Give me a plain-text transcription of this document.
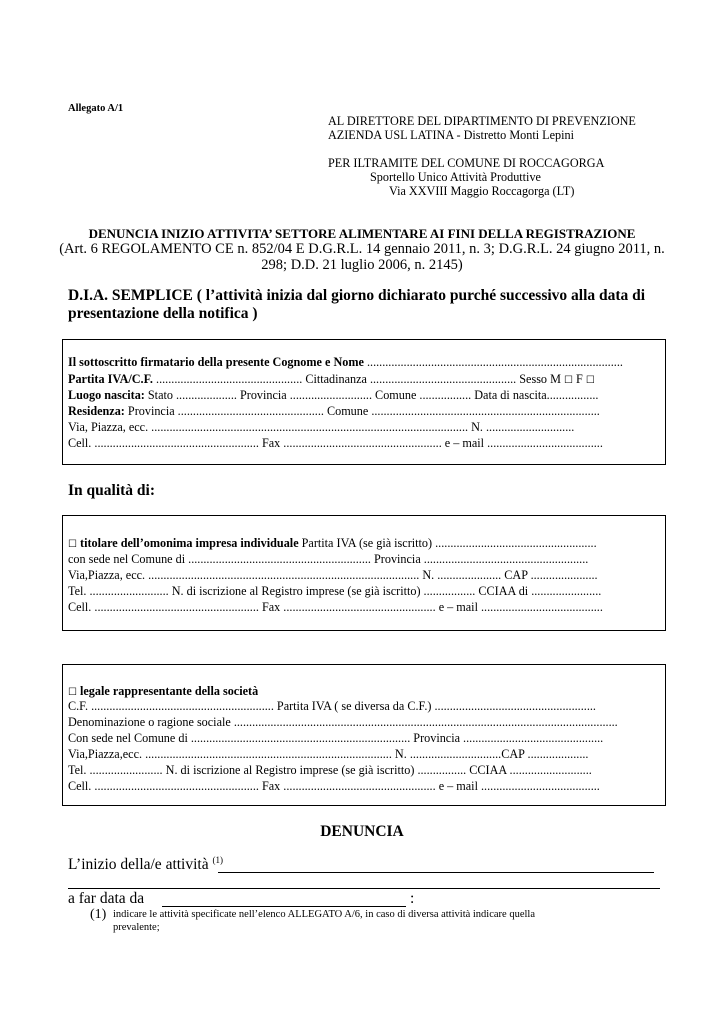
Allegato A/1
AL DIRETTORE DEL DIPARTIMENTO DI PREVENZIONE
AZIENDA USL LATINA - Distretto Monti Lepini
PER ILTRAMITE DEL COMUNE DI ROCCAGORGA
Sportello Unico Attività Produttive
Via XXVIII Maggio Roccagorga (LT)
DENUNCIA INIZIO ATTIVITA’ SETTORE ALIMENTARE AI FINI DELLA REGISTRAZIONE
(Art. 6 REGOLAMENTO CE n. 852/04 E D.G.R.L. 14 gennaio 2011, n. 3; D.G.R.L. 24 giugno 2011, n.
298; D.D. 21 luglio 2006, n. 2145)
D.I.A. SEMPLICE ( l’attività inizia dal giorno dichiarato purché successivo alla data di
presentazione della notifica )
Il sottoscritto firmatario della presente Cognome e Nome ....................................................................................
Partita IVA/C.F. ................................................ Cittadinanza ................................................ Sesso M ☐ F ☐
Luogo nascita: Stato .................... Provincia ........................... Comune ................. Data di nascita.................
Residenza: Provincia ................................................ Comune ...........................................................................
Via, Piazza, ecc. ........................................................................................................ N. .............................
Cell. ...................................................... Fax .................................................... e – mail ......................................
In qualità di:
☐ titolare dell’omonima impresa individuale Partita IVA (se già iscritto) .....................................................
con sede nel Comune di ............................................................ Provincia ......................................................
Via,Piazza, ecc. ......................................................................................... N. ..................... CAP ......................
Tel. .......................... N. di iscrizione al Registro imprese (se già iscritto) ................. CCIAA di .......................
Cell. ...................................................... Fax .................................................. e – mail ........................................
☐ legale rappresentante della società
C.F. ............................................................ Partita IVA ( se diversa da C.F.) .....................................................
Denominazione o ragione sociale ..............................................................................................................................
Con sede nel Comune di ........................................................................ Provincia ..............................................
Via,Piazza,ecc. ................................................................................. N. ..............................CAP ....................
Tel. ........................ N. di iscrizione al Registro imprese (se già iscritto) ................ CCIAA ...........................
Cell. ...................................................... Fax .................................................. e – mail .......................................
DENUNCIA
L’inizio della/e attività $^{(1)}$
a far data da	:
(1) indicare le attività specificate nell’elenco ALLEGATO A/6, in caso di diversa attività indicare quella
prevalente;
